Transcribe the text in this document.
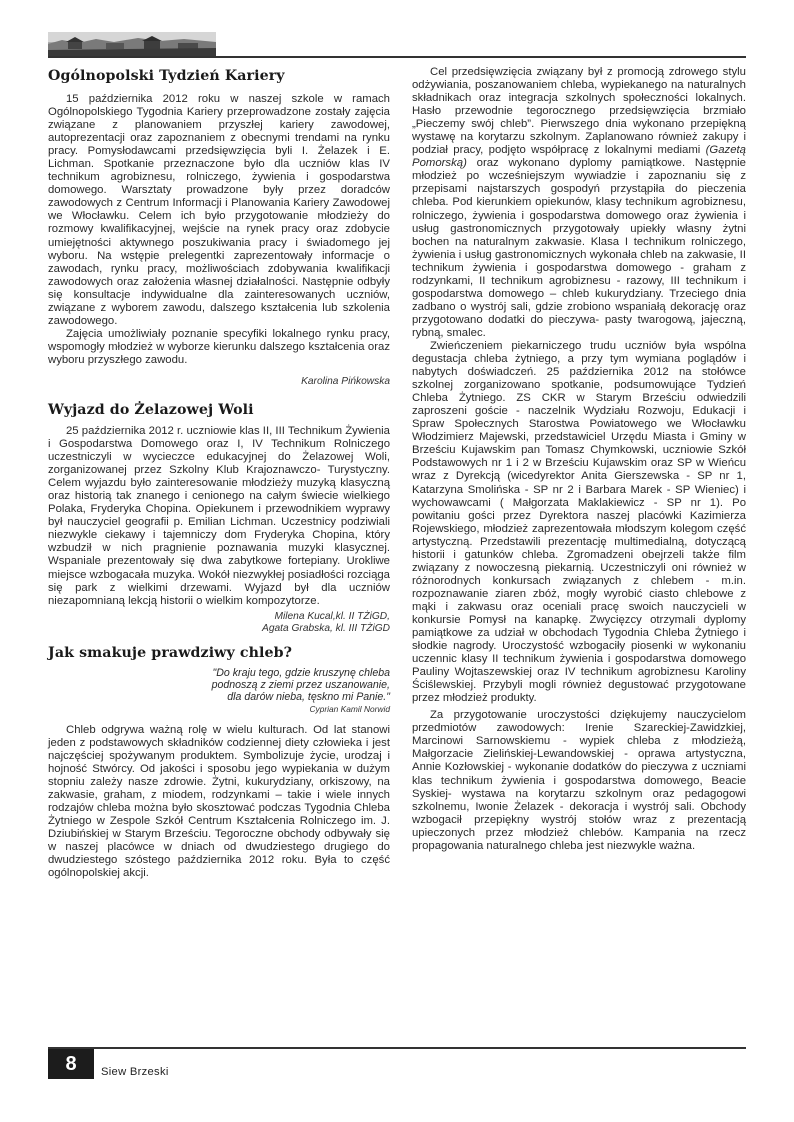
Ogólnopolski Tydzień Kariery

15 października 2012 roku w naszej szkole w ramach Ogólnopolskiego Tygodnia Kariery przeprowadzone zostały zajęcia związane z planowaniem przyszłej kariery zawodowej, autoprezentacji oraz zapoznaniem z obecnymi trendami na rynku pracy. Pomysłodawcami przedsięwzięcia byli I. Żelazek i E. Lichman. Spotkanie przeznaczone było dla uczniów klas IV technikum agrobiznesu, rolniczego, żywienia i gospodarstwa domowego. Warsztaty prowadzone były przez doradców zawodowych z Centrum Informacji i Planowania Kariery Zawodowej we Włocławku. Celem ich było przygotowanie młodzieży do rozmowy kwalifikacyjnej, wejście na rynek pracy oraz zdobycie umiejętności aktywnego poszukiwania pracy i świadomego jej wyboru. Na wstępie prelegentki zaprezentowały informacje o zawodach, rynku pracy, możliwościach zdobywania kwalifikacji zawodowych oraz założenia własnej działalności. Następnie odbyły się konsultacje indywidualne dla zainteresowanych uczniów, związane z wyborem zawodu, dalszego kształcenia lub szkolenia zawodowego.

Zajęcia umożliwiały poznanie specyfiki lokalnego rynku pracy, wspomogły młodzież w wyborze kierunku dalszego kształcenia oraz wyboru przyszłego zawodu.

Karolina Pińkowska
Wyjazd do Żelazowej Woli

25 października 2012 r. uczniowie klas II, III Technikum Żywienia i Gospodarstwa Domowego oraz I, IV Technikum Rolniczego uczestniczyli w wycieczce edukacyjnej do Żelazowej Woli, zorganizowanej przez Szkolny Klub Krajoznawczo- Turystyczny. Celem wyjazdu było zainteresowanie młodzieży muzyką klasyczną oraz historią tak znanego i cenionego na całym świecie wielkiego Polaka, Fryderyka Chopina. Opiekunem i przewodnikiem wyprawy był nauczyciel geografii p. Emilian Lichman. Uczestnicy podziwiali niezwykle ciekawy i tajemniczy dom Fryderyka Chopina, który wzbudził w nich pragnienie poznawania muzyki klasycznej. Wspaniale prezentowały się dwa zabytkowe fortepiany. Urokliwe miejsce wzbogacała muzyka. Wokół niezwykłej posiadłości rozciąga się park z wielkimi drzewami. Wyjazd był dla uczniów niezapomnianą lekcją historii o wielkim kompozytorze.

Milena Kucal,kl. II TŻiGD,
Agata Grabska, kl. III TŻiGD
Jak smakuje prawdziwy chleb?
"Do kraju tego, gdzie kruszynę chleba
podnoszą z ziemi przez uszanowanie,
dla darów nieba, tęskno mi Panie."
Cyprian Kamil Norwid

Chleb odgrywa ważną rolę w wielu kulturach. Od lat stanowi jeden z podstawowych składników codziennej diety człowieka i jest najczęściej spożywanym produktem. Symbolizuje życie, urodzaj i hojność Stwórcy. Od jakości i sposobu jego wypiekania w dużym stopniu zależy nasze zdrowie. Żytni, kukurydziany, orkiszowy, na zakwasie, graham, z miodem, rodzynkami – takie i wiele innych rodzajów chleba można było skosztować podczas Tygodnia Chleba Żytniego w Zespole Szkół Centrum Kształcenia Rolniczego im. J. Dziubińskiej w Starym Brześciu. Tegoroczne obchody odbywały się w naszej placówce w dniach od dwudziestego drugiego do dwudziestego szóstego października 2012 roku. Była to część ogólnopolskiej akcji.

Cel przedsięwzięcia związany był z promocją zdrowego stylu odżywiania, poszanowaniem chleba, wypiekanego na naturalnych składnikach oraz integracja szkolnych społeczności lokalnych. Hasło przewodnie tegorocznego przedsięwzięcia brzmiało „Pieczemy swój chleb”. Pierwszego dnia wykonano przepiękną wystawę na korytarzu szkolnym. Zaplanowano również zakupy i podział pracy, podjęto współpracę z lokalnymi mediami (Gazetą Pomorską) oraz wykonano dyplomy pamiątkowe. Następnie młodzież po wcześniejszym wywiadzie i zapoznaniu się z przepisami najstarszych gospodyń przystąpiła do pieczenia chleba. Pod kierunkiem opiekunów, klasy technikum agrobiznesu, rolniczego, żywienia i gospodarstwa domowego oraz żywienia i usług gastronomicznych przygotowały upiekły własny żytni bochen na naturalnym zakwasie. Klasa I technikum rolniczego, żywienia i usług gastronomicznych wykonała chleb na zakwasie, II technikum żywienia i gospodarstwa domowego - graham z rodzynkami, II technikum agrobiznesu - razowy, III technikum i gospodarstwa domowego – chleb kukurydziany. Trzeciego dnia zadbano o wystrój sali, gdzie zrobiono wspaniałą dekorację oraz przygotowano dodatki do pieczywa- pasty twarogową, jajeczną, rybną, smalec.

Zwieńczeniem piekarniczego trudu uczniów była wspólna degustacja chleba żytniego, a przy tym wymiana poglądów i nabytych doświadczeń. 25 października 2012 na stołówce szkolnej zorganizowano spotkanie, podsumowujące Tydzień Chleba Żytniego. ZS CKR w Starym Brześciu odwiedzili zaproszeni goście - naczelnik Wydziału Rozwoju, Edukacji i Spraw Społecznych Starostwa Powiatowego we Włocławku Włodzimierz Majewski, przedstawiciel Urzędu Miasta i Gminy w Brześciu Kujawskim pan Tomasz Chymkowski, uczniowie Szkół Podstawowych nr 1 i 2 w Brześciu Kujawskim oraz SP w Wieńcu wraz z Dyrekcją (wicedyrektor Anita Gierszewska - SP nr 1, Katarzyna Smolińska - SP nr 2 i Barbara Marek - SP Wieniec) i wychowawcami ( Małgorzata Maklakiewicz - SP nr 1). Po powitaniu gości przez Dyrektora naszej placówki Kazimierza Rojewskiego, młodzież zaprezentowała młodszym kolegom część artystyczną. Przedstawili prezentację multimedialną, dotyczącą historii i gatunków chleba. Zgromadzeni obejrzeli także film związany z nowoczesną piekarnią. Uczestniczyli oni również w różnorodnych konkursach związanych z chlebem - m.in. rozpoznawanie ziaren zbóż, mogły wyrobić ciasto chlebowe z mąki i zakwasu oraz oceniali pracę swoich nauczycieli w konkursie Pomysł na kanapkę. Zwycięzcy otrzymali dyplomy pamiątkowe za udział w obchodach Tygodnia Chleba Żytniego i słodkie nagrody. Uroczystość wzbogaciły piosenki w wykonaniu uczennic klasy II technikum żywienia i gospodarstwa domowego Pauliny Wojtaszewskiej oraz IV technikum agrobiznesu Karoliny Ściślewskiej. Przybyli mogli również degustować przygotowane przez młodzież produkty.

Za przygotowanie uroczystości dziękujemy nauczycielom przedmiotów zawodowych: Irenie Szareckiej-Zawidzkiej, Marcinowi Sarnowskiemu - wypiek chleba z młodzieżą, Małgorzacie Zielińskiej-Lewandowskiej - oprawa artystyczna, Annie Kozłowskiej - wykonanie dodatków do pieczywa z uczniami klas technikum żywienia i gospodarstwa domowego, Beacie Syskiej- wystawa na korytarzu szkolnym oraz pedagogowi szkolnemu, Iwonie Żelazek - dekoracja i wystrój sali. Obchody wzbogacił przepiękny wystrój stołów wraz z prezentacją upieczonych przez młodzież chlebów. Kampania na rzecz propagowania naturalnego chleba jest niezwykle ważna.

8	Siew Brzeski
